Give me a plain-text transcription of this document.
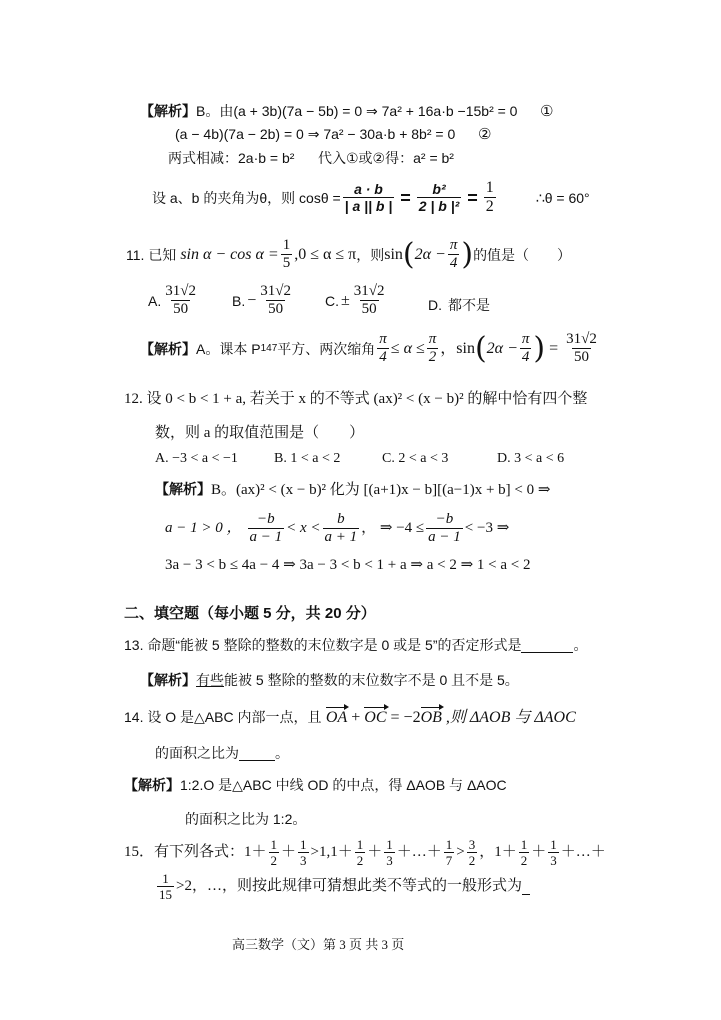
【解析】B。由(a + 3b)(7a − 5b) = 0 ⇒ 7a² + 16a·b −15b² = 0 ①
(a − 4b)(7a − 2b) = 0 ⇒ 7a² − 30a·b + 8b² = 0 ②
两式相减：2a·b = b² 代入①或②得：a² = b²
设 a、b 的夹角为θ，则 $\cos\theta = \frac{a \cdot b}{| a || b |} = \frac{\text{b²}}{\text{2 | b |²}} = \frac{1}{2}$	∴θ = 60°
11. 已知 $\sin \alpha - \cos \alpha = \frac{1}{5} ,0 \le \alpha \le \pi$ ，则 sin ( $2\alpha - \frac{\pi}{4}$ ) 的值是（　　）
A. $\frac{31√2}{50} B$. − $\frac{31√2}{50} C$. ± $\frac{31√2}{50}$	D. 都不是
【解析】 A。课本 P 147 平方、两次缩角 $\frac{\pi}{4} \le \alpha \le \frac{\pi}{2}$ ，sin ( $2\alpha - \frac{\pi}{4}$ ) = $\frac{31√2}{50}$
12. 设 0 < b < 1 + a, 若关于 x 的不等式 (ax)² < (x − b)² 的解中恰有四个整
数，则 a 的取值范围是（　　）
A. −3 < a < −1	B. 1 < a < 2	C. 2 < a < 3	D. 3 < a < 6
【解析】B。(ax)² < (x − b)² 化为 [(a+1)x − b][(a−1)x + b] < 0 ⇒
a − 1 > 0 ， $\frac{-b}{a - 1} < x < \frac{b}{a + 1}$ ， ⇒ $-4 \le \frac{-b}{a - 1} < -3$ ⇒
3a − 3 < b ≤ 4a − 4 ⇒ 3a − 3 < b < 1 + a ⇒ a < 2 ⇒ 1 < a < 2
二、填空题（每小题 5 分，共 20 分）
13. 命题“能被 5 整除的整数的末位数字是 0 或是 5”的否定形式是	。
【解析】有些能被 5 整除的整数的末位数字不是 0 且不是 5。
14. 设 O 是△ABC 内部一点，且 OA + OC = −2OB ,则 ΔAOB 与 ΔAOC
的面积之比为	。
【解析】1:2.O 是△ABC 中线 OD 的中点，得 ΔAOB 与 ΔAOC
的面积之比为 1:2。
15．有下列各式：$1+ \frac{1}{2} + \frac{1}{3} >1,1+ \frac{1}{2} + \frac{1}{3}$ ＋…＋ $\frac{1}{7} > \frac{3}{2}$ ，$1+ \frac{1}{2} + \frac{1}{3}$ ＋…＋
$\frac{1}{15} >2$，…，则按此规律可猜想此类不等式的一般形式为

高三数学（文）第 3 页 共 3 页
